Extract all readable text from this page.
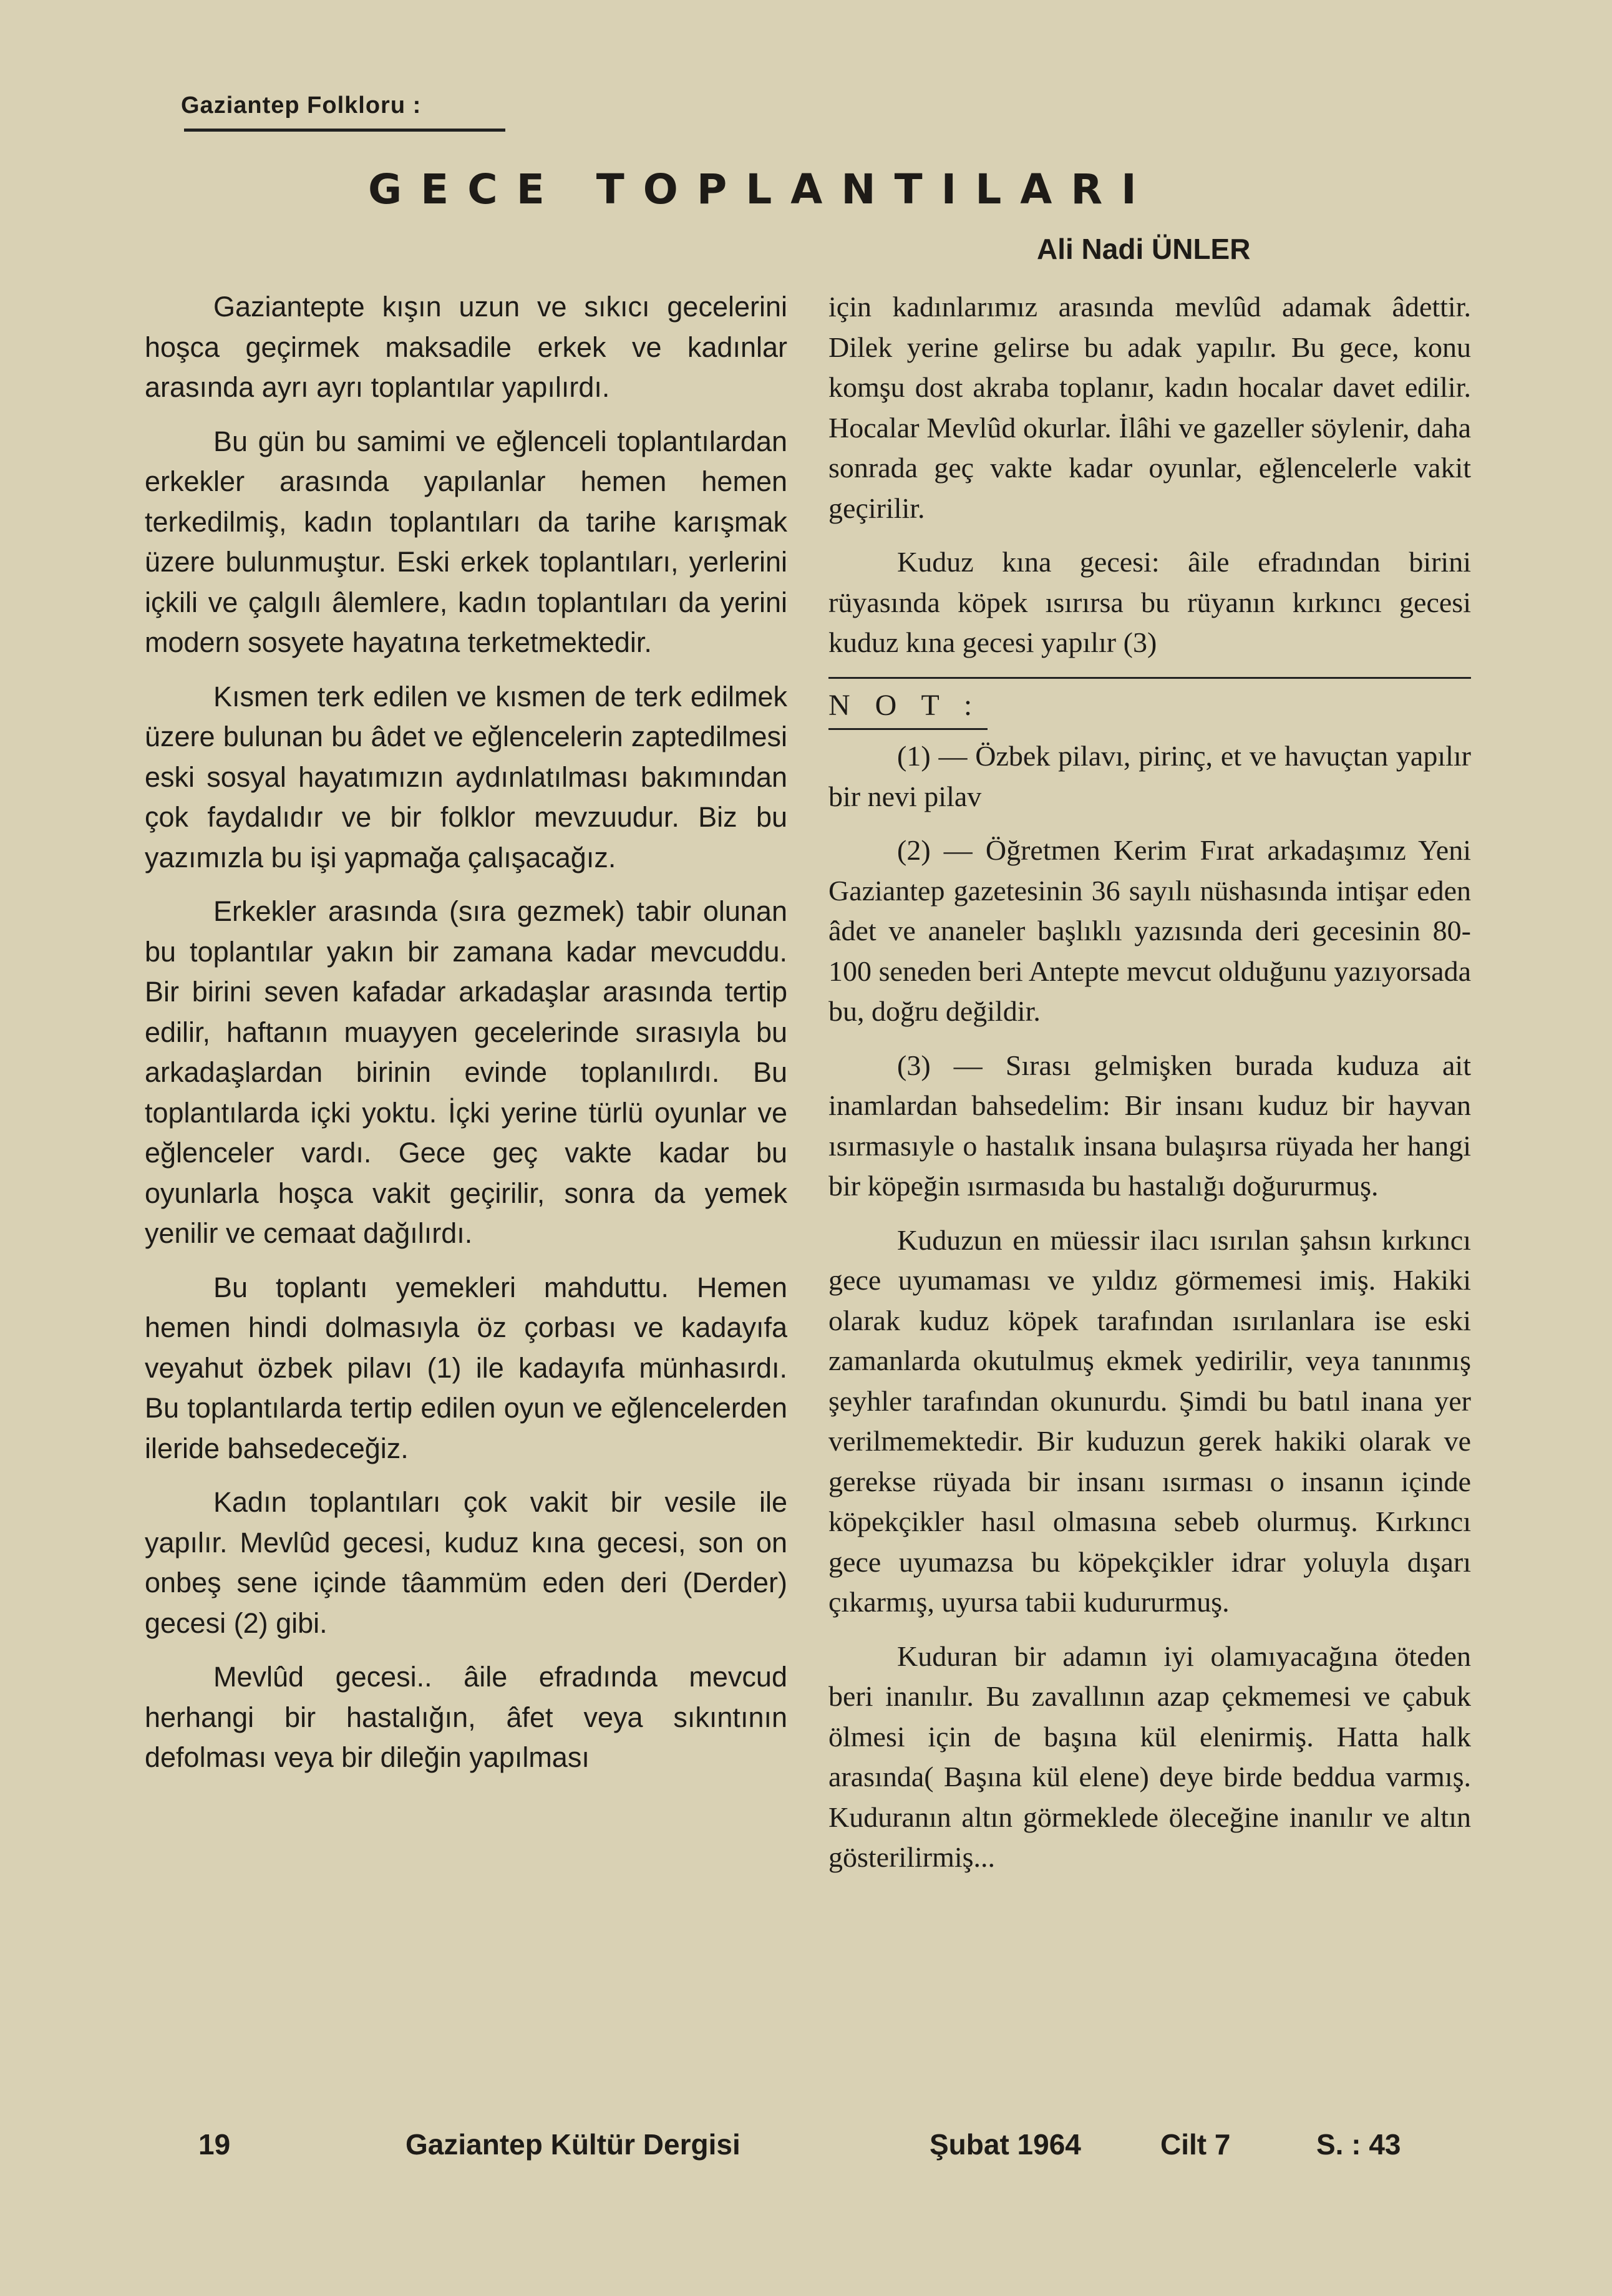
Gaziantep Folkloru :
GECE TOPLANTILARI
Ali Nadi ÜNLER

Gaziantepte kışın uzun ve sıkıcı gecelerini hoşca geçirmek maksadile erkek ve kadınlar arasında ayrı ayrı toplantılar yapılırdı.

Bu gün bu samimi ve eğlenceli toplantılardan erkekler arasında yapılanlar hemen hemen terkedilmiş, kadın toplantıları da tarihe karışmak üzere bulunmuştur. Eski erkek toplantıları, yerlerini içkili ve çalgılı âlemlere, kadın toplantıları da yerini modern sosyete hayatına terketmektedir.

Kısmen terk edilen ve kısmen de terk edilmek üzere bulunan bu âdet ve eğlencelerin zaptedilmesi eski sosyal hayatımızın aydınlatılması bakımından çok faydalıdır ve bir folklor mevzuudur. Biz bu yazımızla bu işi yapmağa çalışacağız.

Erkekler arasında (sıra gezmek) tabir olunan bu toplantılar yakın bir zamana kadar mevcuddu. Bir birini seven kafadar arkadaşlar arasında tertip edilir, haftanın muayyen gecelerinde sırasıyla bu arkadaşlardan birinin evinde toplanılırdı. Bu toplantılarda içki yoktu. İçki yerine türlü oyunlar ve eğlenceler vardı. Gece geç vakte kadar bu oyunlarla hoşca vakit geçirilir, sonra da yemek yenilir ve cemaat dağılırdı.

Bu toplantı yemekleri mahduttu. Hemen hemen hindi dolmasıyla öz çorbası ve kadayıfa veyahut özbek pilavı (1) ile kadayıfa münhasırdı. Bu toplantılarda tertip edilen oyun ve eğlencelerden ileride bahsedeceğiz.

Kadın toplantıları çok vakit bir vesile ile yapılır. Mevlûd gecesi, kuduz kına gecesi, son on onbeş sene içinde tâammüm eden deri (Derder) gecesi (2) gibi.

Mevlûd gecesi.. âile efradında mevcud herhangi bir hastalığın, âfet veya sıkıntının defolması veya bir dileğin yapılması

için kadınlarımız arasında mevlûd adamak âdettir. Dilek yerine gelirse bu adak yapılır. Bu gece, konu komşu dost akraba toplanır, kadın hocalar davet edilir. Hocalar Mevlûd okurlar. İlâhi ve gazeller söylenir, daha sonrada geç vakte kadar oyunlar, eğlencelerle vakit geçirilir.

Kuduz kına gecesi: âile efradından birini rüyasında köpek ısırırsa bu rüyanın kırkıncı gecesi kuduz kına gecesi yapılır (3)

N O T :

(1) — Özbek pilavı, pirinç, et ve havuçtan yapılır bir nevi pilav

(2) — Öğretmen Kerim Fırat arkadaşımız Yeni Gaziantep gazetesinin 36 sayılı nüshasında intişar eden âdet ve ananeler başlıklı yazısında deri gecesinin 80-100 seneden beri Antepte mevcut olduğunu yazıyorsada bu, doğru değildir.

(3) — Sırası gelmişken burada kuduza ait inamlardan bahsedelim: Bir insanı kuduz bir hayvan ısırmasıyle o hastalık insana bulaşırsa rüyada her hangi bir köpeğin ısırmasıda bu hastalığı doğururmuş.

Kuduzun en müessir ilacı ısırılan şahsın kırkıncı gece uyumaması ve yıldız görmemesi imiş. Hakiki olarak kuduz köpek tarafından ısırılanlara ise eski zamanlarda okutulmuş ekmek yedirilir, veya tanınmış şeyhler tarafından okunurdu. Şimdi bu batıl inana yer verilmemektedir. Bir kuduzun gerek hakiki olarak ve gerekse rüyada bir insanı ısırması o insanın içinde köpekçikler hasıl olmasına sebeb olurmuş. Kırkıncı gece uyumazsa bu köpekçikler idrar yoluyla dışarı çıkarmış, uyursa tabii kudururmuş.

Kuduran bir adamın iyi olamıyacağına öteden beri inanılır. Bu zavallının azap çekmemesi ve çabuk ölmesi için de başına kül elenirmiş. Hatta halk arasında( Başına kül elene) deye birde beddua varmış. Kuduranın altın görmeklede öleceğine inanılır ve altın gösterilirmiş...

19	Gaziantep Kültür Dergisi	Şubat 1964	Cilt 7	S. : 43
